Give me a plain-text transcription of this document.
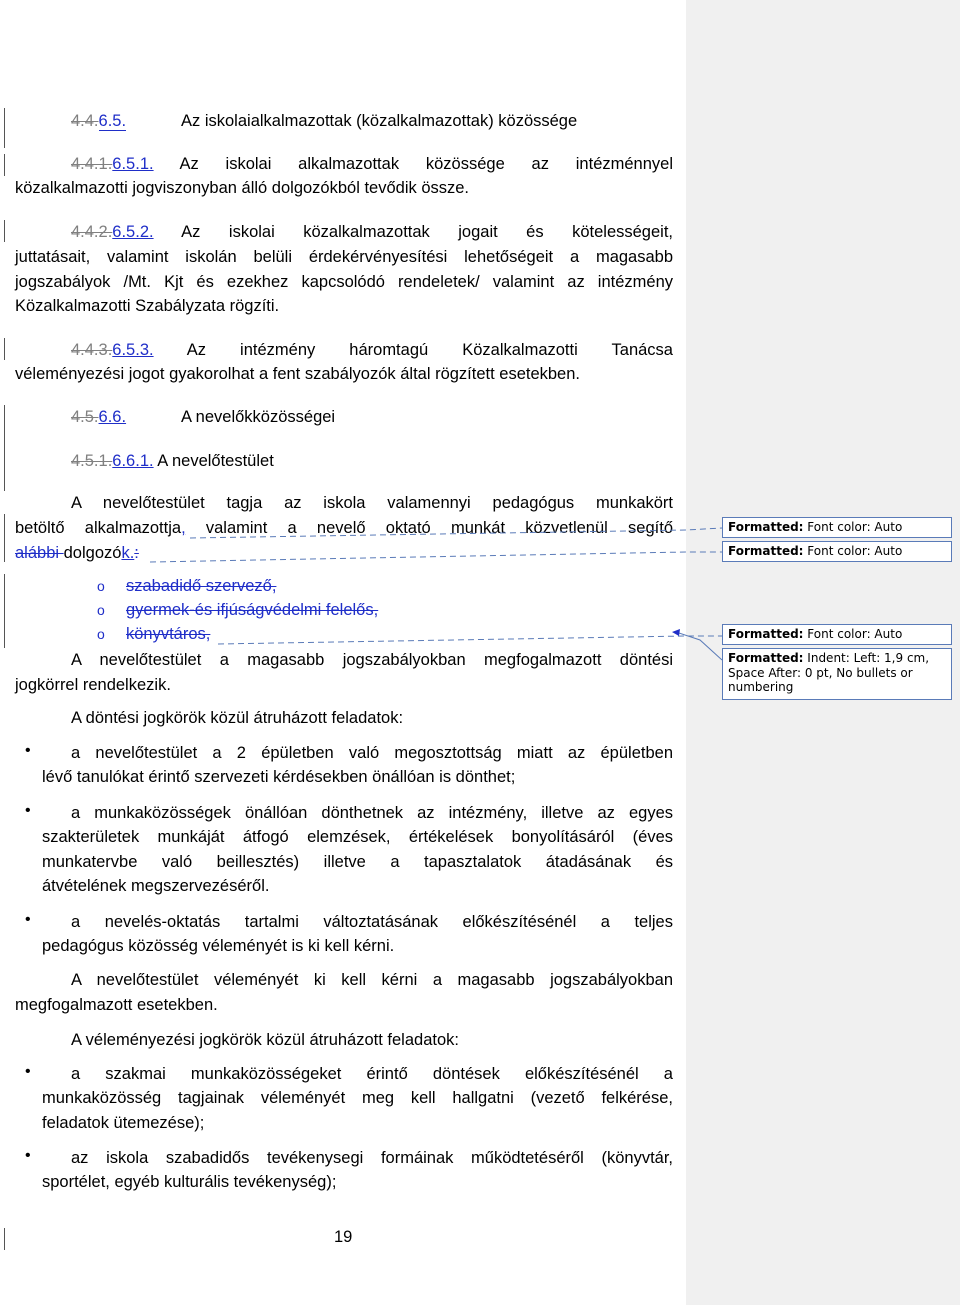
4.4.6.5.	Az iskolaialkalmazottak (közalkalmazottak) közössége
4.4.1.6.5.1. Az iskolai alkalmazottak közössége az intézménnyel
közalkalmazotti jogviszonyban álló dolgozókból tevődik össze.
4.4.2.6.5.2. Az iskolai közalkalmazottak jogait és kötelességeit,
juttatásait, valamint iskolán belüli érdekérvényesítési lehetőségeit a magasabb
jogszabályok /Mt. Kjt és ezekhez kapcsolódó rendeletek/ valamint az intézmény
Közalkalmazotti Szabályzata rögzíti.
4.4.3.6.5.3. Az intézmény háromtagú Közalkalmazotti Tanácsa
véleményezési jogot gyakorolhat a fent szabályozók által rögzített esetekben.
4.5.6.6.	A nevelőkközösségei
4.5.1.6.6.1. A nevelőtestület
A nevelőtestület tagja az iskola valamennyi pedagógus munkakört
betöltő alkalmazottja, valamint a nevelő oktató munkát közvetlenül segítő
alábbi dolgozók.:
o szabadidő szervező,
o gyermek-és ifjúságvédelmi felelős,
o könyvtáros,
A nevelőtestület a magasabb jogszabályokban megfogalmazott döntési
jogkörrel rendelkezik.
A döntési jogkörök közül átruházott feladatok:
• a nevelőtestület a 2 épületben való megosztottság miatt az épületben
lévő tanulókat érintő szervezeti kérdésekben önállóan is dönthet;
• a munkaközösségek önállóan dönthetnek az intézmény, illetve az egyes
szakterületek munkáját átfogó elemzések, értékelések bonyolításáról (éves
munkatervbe való beillesztés) illetve a tapasztalatok átadásának és
átvételének megszervezéséről.
• a nevelés-oktatás tartalmi változtatásának előkészítésénél a teljes
pedagógus közösség véleményét is ki kell kérni.
A nevelőtestület véleményét ki kell kérni a magasabb jogszabályokban
megfogalmazott esetekben.
A véleményezési jogkörök közül átruházott feladatok:
• a szakmai munkaközösségeket érintő döntések előkészítésénél a
munkaközösség tagjainak véleményét meg kell hallgatni (vezető felkérése,
feladatok ütemezése);
• az iskola szabadidős tevékenysegi formáinak működtetéséről (könyvtár,
sportélet, egyéb kulturális tevékenység);
19
Formatted: Font color: Auto
Formatted: Font color: Auto
Formatted: Font color: Auto
Formatted: Indent: Left: 1,9 cm, Space After: 0 pt, No bullets or numbering
